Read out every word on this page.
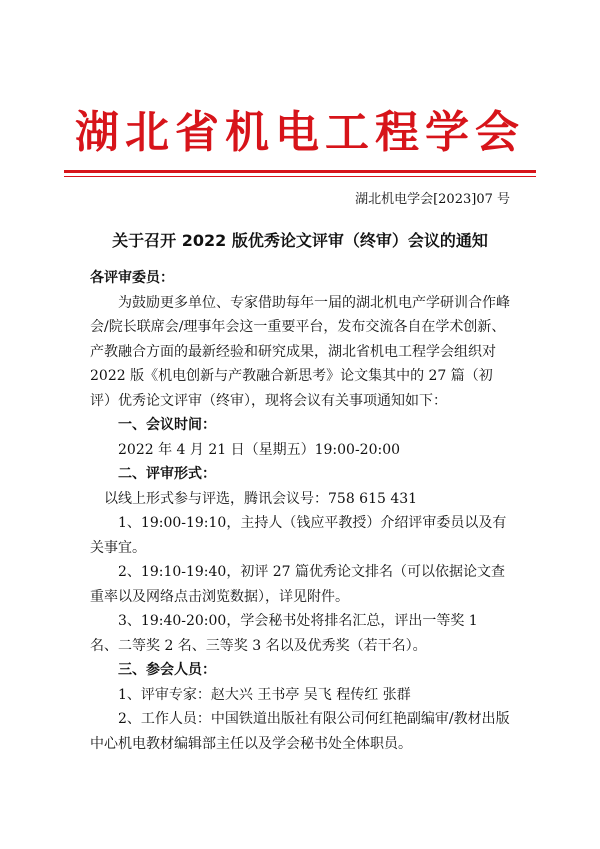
湖北省机电工程学会
湖北机电学会[2023]07 号
关于召开 2022 版优秀论文评审（终审）会议的通知

各评审委员：

为鼓励更多单位、专家借助每年一届的湖北机电产学研训合作峰会/院长联席会/理事年会这一重要平台，发布交流各自在学术创新、产教融合方面的最新经验和研究成果，湖北省机电工程学会组织对2022 版《机电创新与产教融合新思考》论文集其中的 27 篇（初评）优秀论文评审（终审），现将会议有关事项通知如下：

一、会议时间：

2022 年 4 月 21 日（星期五）19:00-20:00

二、评审形式：

以线上形式参与评选，腾讯会议号：758 615 431

1、19:00-19:10，主持人（钱应平教授）介绍评审委员以及有关事宜。

2、19:10-19:40，初评 27 篇优秀论文排名（可以依据论文查重率以及网络点击浏览数据），详见附件。

3、19:40-20:00，学会秘书处将排名汇总，评出一等奖 1 名、二等奖 2 名、三等奖 3 名以及优秀奖（若干名）。

三、参会人员：

1、评审专家：赵大兴 王书亭 吴飞 程传红 张群

2、工作人员：中国铁道出版社有限公司何红艳副编审/教材出版中心机电教材编辑部主任以及学会秘书处全体职员。
